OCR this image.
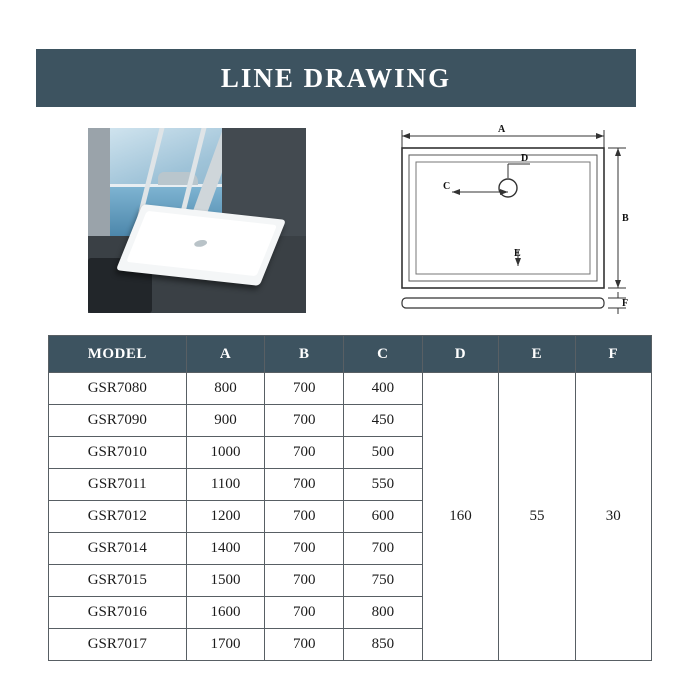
LINE DRAWING
A
D
C
E
B
F
MODEL	A	B	C	D	E	F
GSR7080	800	700	400	160	55	30
GSR7090	900	700	450			
GSR7010	1000	700	500			
GSR7011	1100	700	550			
GSR7012	1200	700	600			
GSR7014	1400	700	700			
GSR7015	1500	700	750			
GSR7016	1600	700	800			
GSR7017	1700	700	850			
